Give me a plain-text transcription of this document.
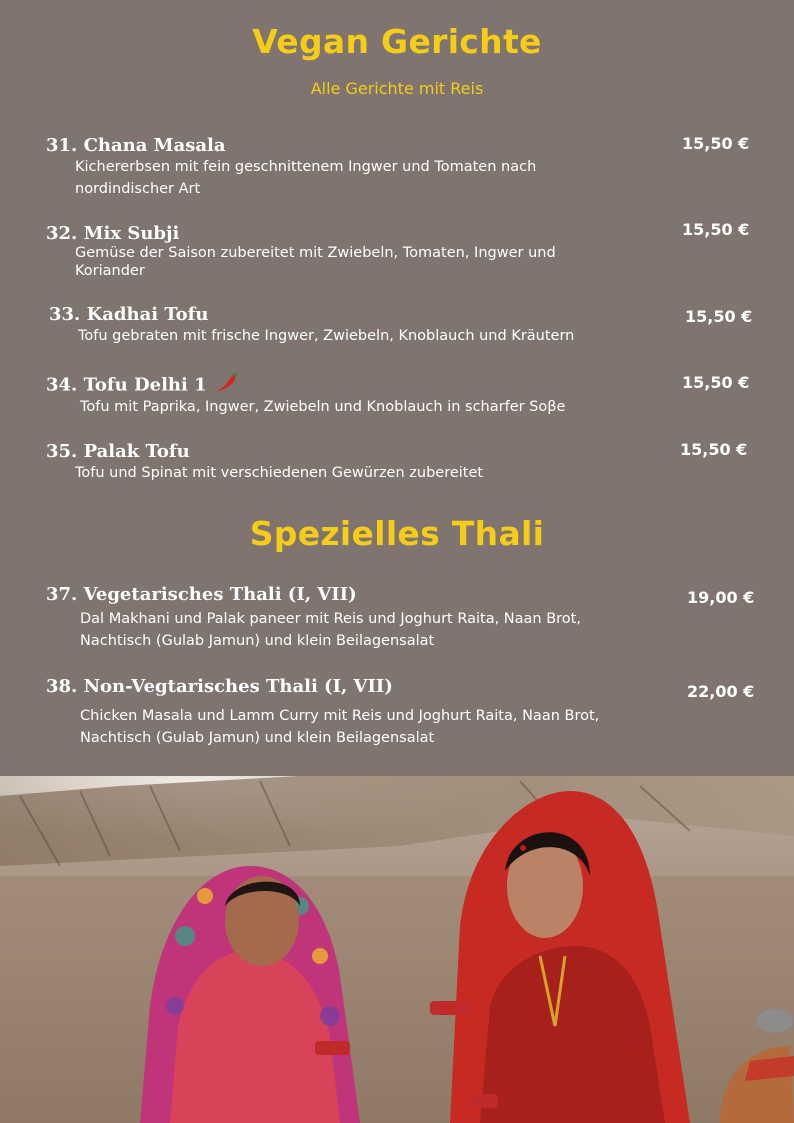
Vegan Gerichte
Alle Gerichte mit Reis
31. Chana Masala	15,50 €
Kichererbsen mit fein geschnittenem Ingwer und Tomaten nach nordindischer Art
32. Mix Subji	15,50 €
Gemüse der Saison zubereitet mit Zwiebeln, Tomaten, Ingwer und Koriander
33. Kadhai Tofu	15,50 €
Tofu gebraten mit frische Ingwer, Zwiebeln, Knoblauch und Kräutern
34. Tofu Delhi 1	15,50 €
Tofu mit Paprika, Ingwer, Zwiebeln und Knoblauch in scharfer Soβe
35. Palak Tofu	15,50 €
Tofu und Spinat mit verschiedenen Gewürzen zubereitet
Spezielles Thali
37. Vegetarisches Thali (I, VII)	19,00 €
Dal Makhani und Palak paneer mit Reis und Joghurt Raita, Naan Brot, Nachtisch (Gulab Jamun) und klein Beilagensalat
38. Non-Vegtarisches Thali (I, VII)	22,00 €
Chicken Masala und Lamm Curry mit Reis und Joghurt Raita, Naan Brot, Nachtisch (Gulab Jamun) und klein Beilagensalat
